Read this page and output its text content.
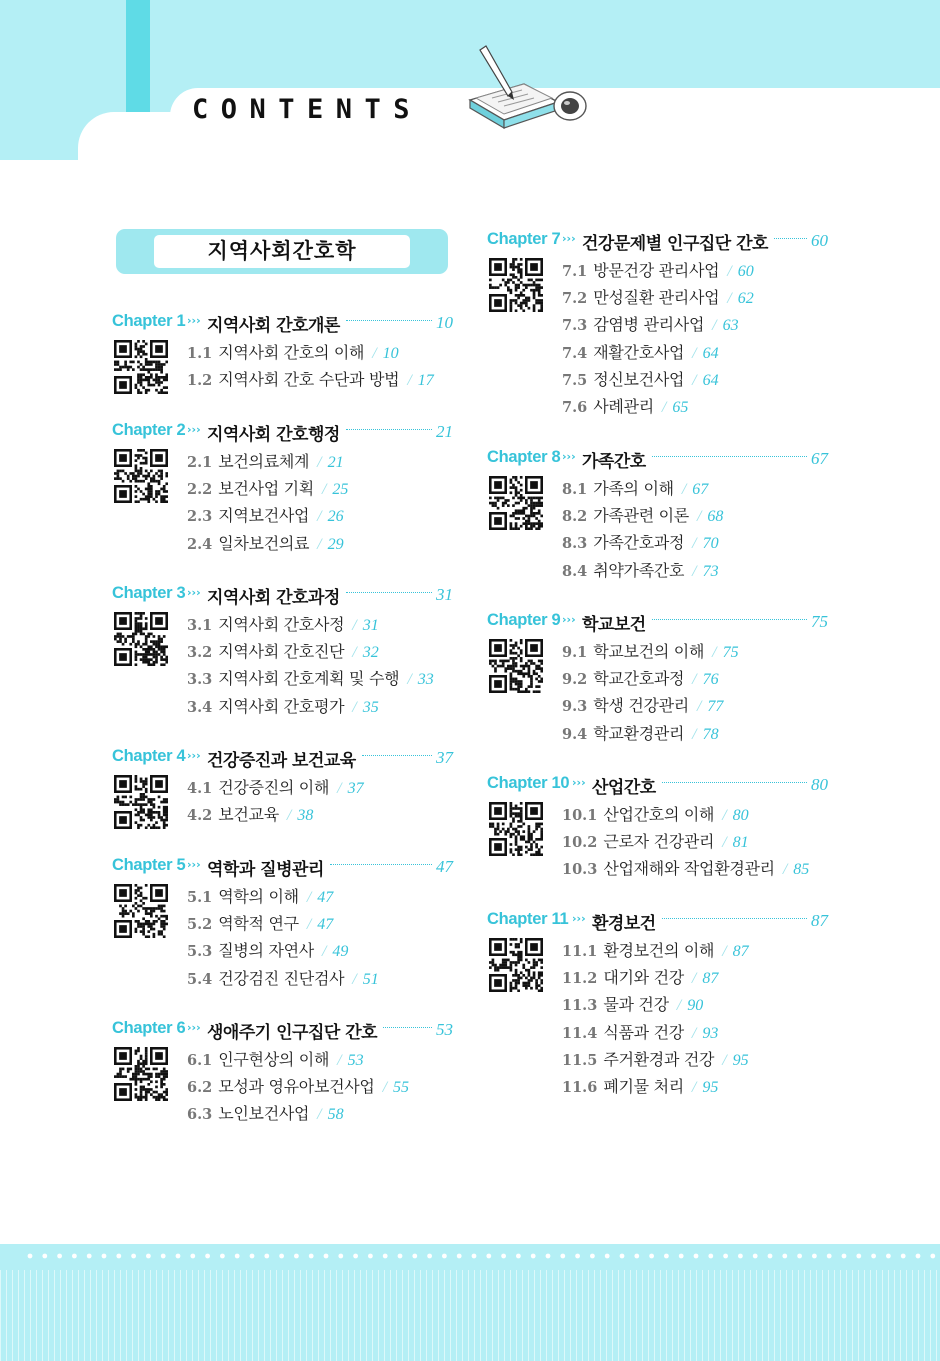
CONTENTS
지역사회간호학
Chapter 1 ››› 지역사회 간호개론	10
1.1 지역사회 간호의 이해 / 10
1.2 지역사회 간호 수단과 방법 / 17
Chapter 2 ››› 지역사회 간호행정	21
2.1 보건의료체계 / 21
2.2 보건사업 기획 / 25
2.3 지역보건사업 / 26
2.4 일차보건의료 / 29
Chapter 3 ››› 지역사회 간호과정	31
3.1 지역사회 간호사정 / 31
3.2 지역사회 간호진단 / 32
3.3 지역사회 간호계획 및 수행 / 33
3.4 지역사회 간호평가 / 35
Chapter 4 ››› 건강증진과 보건교육	37
4.1 건강증진의 이해 / 37
4.2 보건교육 / 38
Chapter 5 ››› 역학과 질병관리	47
5.1 역학의 이해 / 47
5.2 역학적 연구 / 47
5.3 질병의 자연사 / 49
5.4 건강검진 진단검사 / 51
Chapter 6 ››› 생애주기 인구집단 간호	53
6.1 인구현상의 이해 / 53
6.2 모성과 영유아보건사업 / 55
6.3 노인보건사업 / 58
Chapter 7 ››› 건강문제별 인구집단 간호	60
7.1 방문건강 관리사업 / 60
7.2 만성질환 관리사업 / 62
7.3 감염병 관리사업 / 63
7.4 재활간호사업 / 64
7.5 정신보건사업 / 64
7.6 사례관리 / 65
Chapter 8 ››› 가족간호	67
8.1 가족의 이해 / 67
8.2 가족관련 이론 / 68
8.3 가족간호과정 / 70
8.4 취약가족간호 / 73
Chapter 9 ››› 학교보건	75
9.1 학교보건의 이해 / 75
9.2 학교간호과정 / 76
9.3 학생 건강관리 / 77
9.4 학교환경관리 / 78
Chapter 10 ››› 산업간호	80
10.1 산업간호의 이해 / 80
10.2 근로자 건강관리 / 81
10.3 산업재해와 작업환경관리 / 85
Chapter 11 ››› 환경보건	87
11.1 환경보건의 이해 / 87
11.2 대기와 건강 / 87
11.3 물과 건강 / 90
11.4 식품과 건강 / 93
11.5 주거환경과 건강 / 95
11.6 폐기물 처리 / 95
